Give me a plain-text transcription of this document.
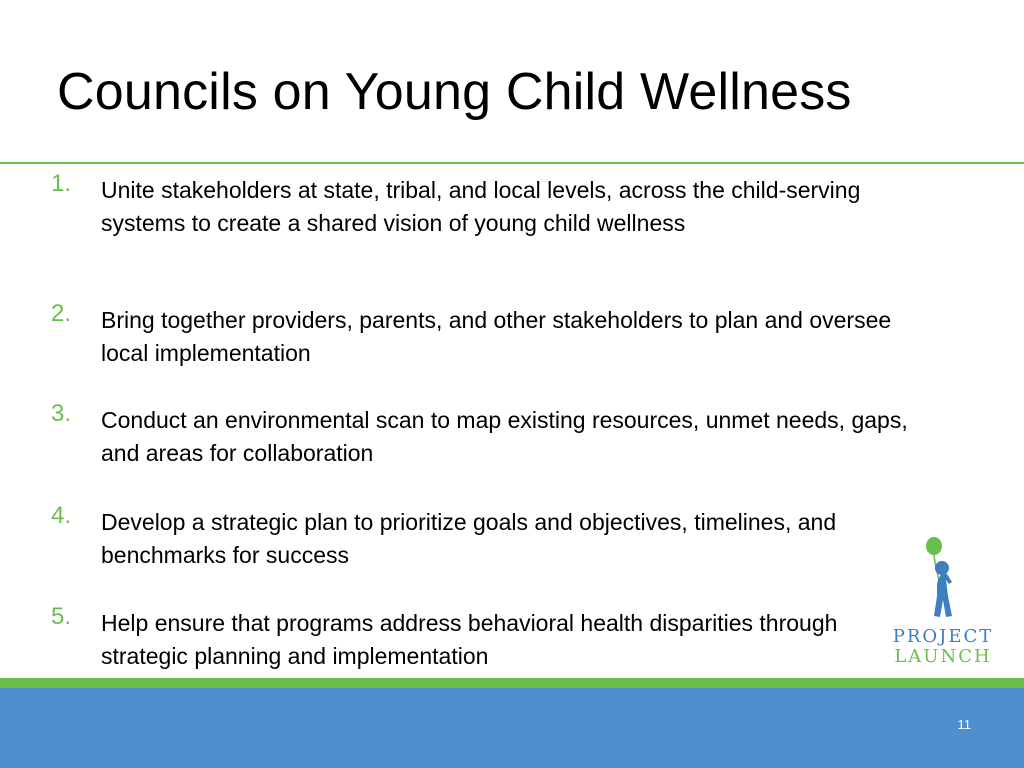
Councils on Young Child Wellness
1. Unite stakeholders at state, tribal, and local levels, across the child-serving systems to create a shared vision of young child wellness
2. Bring together providers, parents, and other stakeholders to plan and oversee local implementation
3. Conduct an environmental scan to map existing resources, unmet needs, gaps, and areas for collaboration
4. Develop a strategic plan to prioritize goals and objectives, timelines, and benchmarks for success
5. Help ensure that programs address behavioral health disparities through strategic planning and implementation
PROJECT
LAUNCH
11
